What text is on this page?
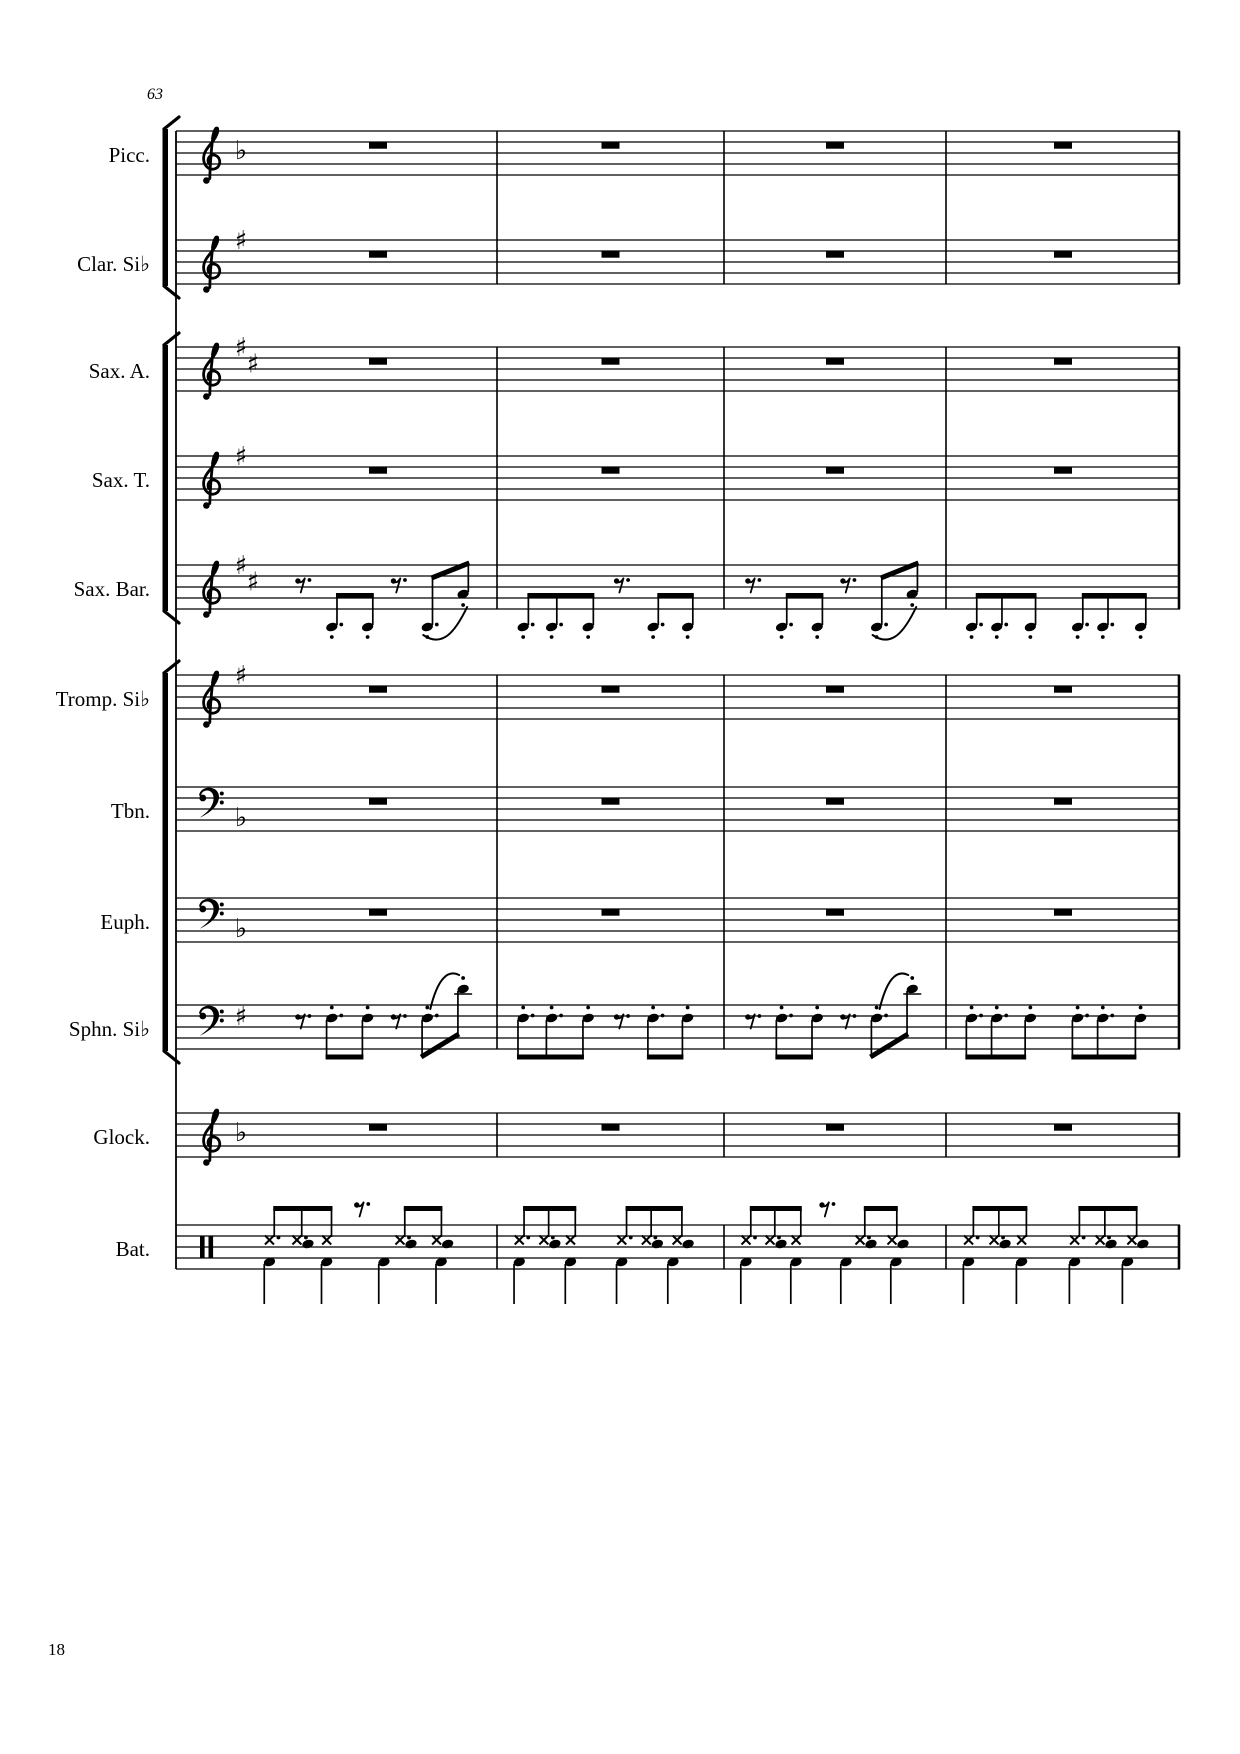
63
Picc.
Clar. Si♭
Sax. A.
Sax. T.
Sax. Bar.
Tromp. Si♭
Tbn.
Euph.
Sphn. Si♭
Glock.
Bat.
♭
♯
♯
♯
♯
♯
♯
♯
♭
♭
♯
♭
18
